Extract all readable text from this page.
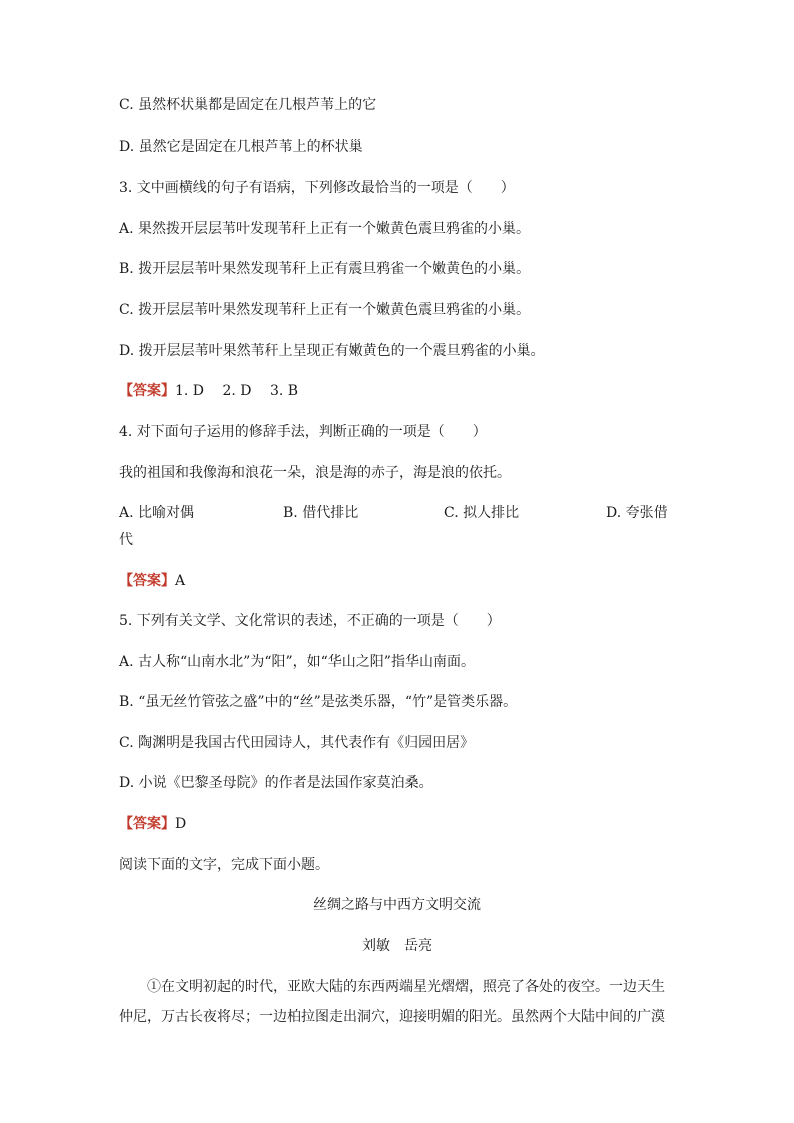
C. 虽然杯状巢都是固定在几根芦苇上的它
D. 虽然它是固定在几根芦苇上的杯状巢
3. 文中画横线的句子有语病，下列修改最恰当的一项是（　　）
A. 果然拨开层层苇叶发现苇秆上正有一个嫩黄色震旦鸦雀的小巢。
B. 拨开层层苇叶果然发现苇秆上正有震旦鸦雀一个嫩黄色的小巢。
C. 拨开层层苇叶果然发现苇秆上正有一个嫩黄色震旦鸦雀的小巢。
D. 拨开层层苇叶果然苇秆上呈现正有嫩黄色的一个震旦鸦雀的小巢。
【答案】1. D　 2. D　 3. B
4. 对下面句子运用的修辞手法，判断正确的一项是（　　）
我的祖国和我像海和浪花一朵，浪是海的赤子，海是浪的依托。
A. 比喻对偶	B. 借代排比	C. 拟人排比	D. 夸张借
代
【答案】A
5. 下列有关文学、文化常识的表述，不正确的一项是（　　）
A. 古人称“山南水北”为“阳”，如“华山之阳”指华山南面。
B. “虽无丝竹管弦之盛”中的“丝”是弦类乐器，“竹”是管类乐器。
C. 陶渊明是我国古代田园诗人，其代表作有《归园田居》
D. 小说《巴黎圣母院》的作者是法国作家莫泊桑。
【答案】D
阅读下面的文字，完成下面小题。
丝绸之路与中西方文明交流
刘敏　岳亮
①在文明初起的时代，亚欧大陆的东西两端星光熠熠，照亮了各处的夜空。一边天生
仲尼，万古长夜将尽；一边柏拉图走出洞穴，迎接明媚的阳光。虽然两个大陆中间的广漠
